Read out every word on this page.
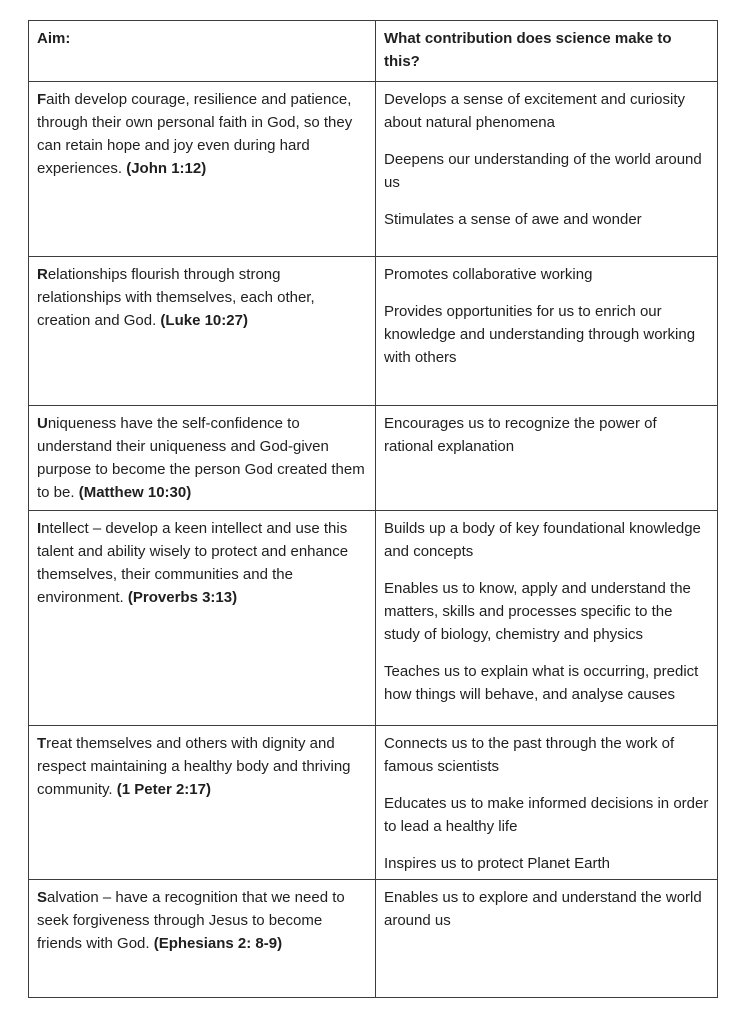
Aim:	What contribution does science make to this?

Faith develop courage, resilience and patience, through their own personal faith in God, so they can retain hope and joy even during hard experiences. (John 1:12)

Develops a sense of excitement and curiosity about natural phenomena

Deepens our understanding of the world around us

Stimulates a sense of awe and wonder

Relationships flourish through strong relationships with themselves, each other, creation and God. (Luke 10:27)

Promotes collaborative working

Provides opportunities for us to enrich our knowledge and understanding through working with others

Uniqueness have the self-confidence to understand their uniqueness and God-given purpose to become the person God created them to be. (Matthew 10:30)

Encourages us to recognize the power of rational explanation

Intellect – develop a keen intellect and use this talent and ability wisely to protect and enhance themselves, their communities and the environment. (Proverbs 3:13)

Builds up a body of key foundational knowledge and concepts

Enables us to know, apply and understand the matters, skills and processes specific to the study of biology, chemistry and physics

Teaches us to explain what is occurring, predict how things will behave, and analyse causes

Treat themselves and others with dignity and respect maintaining a healthy body and thriving community. (1 Peter 2:17)

Connects us to the past through the work of famous scientists

Educates us to make informed decisions in order to lead a healthy life

Inspires us to protect Planet Earth

Salvation – have a recognition that we need to seek forgiveness through Jesus to become friends with God. (Ephesians 2: 8-9)

Enables us to explore and understand the world around us
